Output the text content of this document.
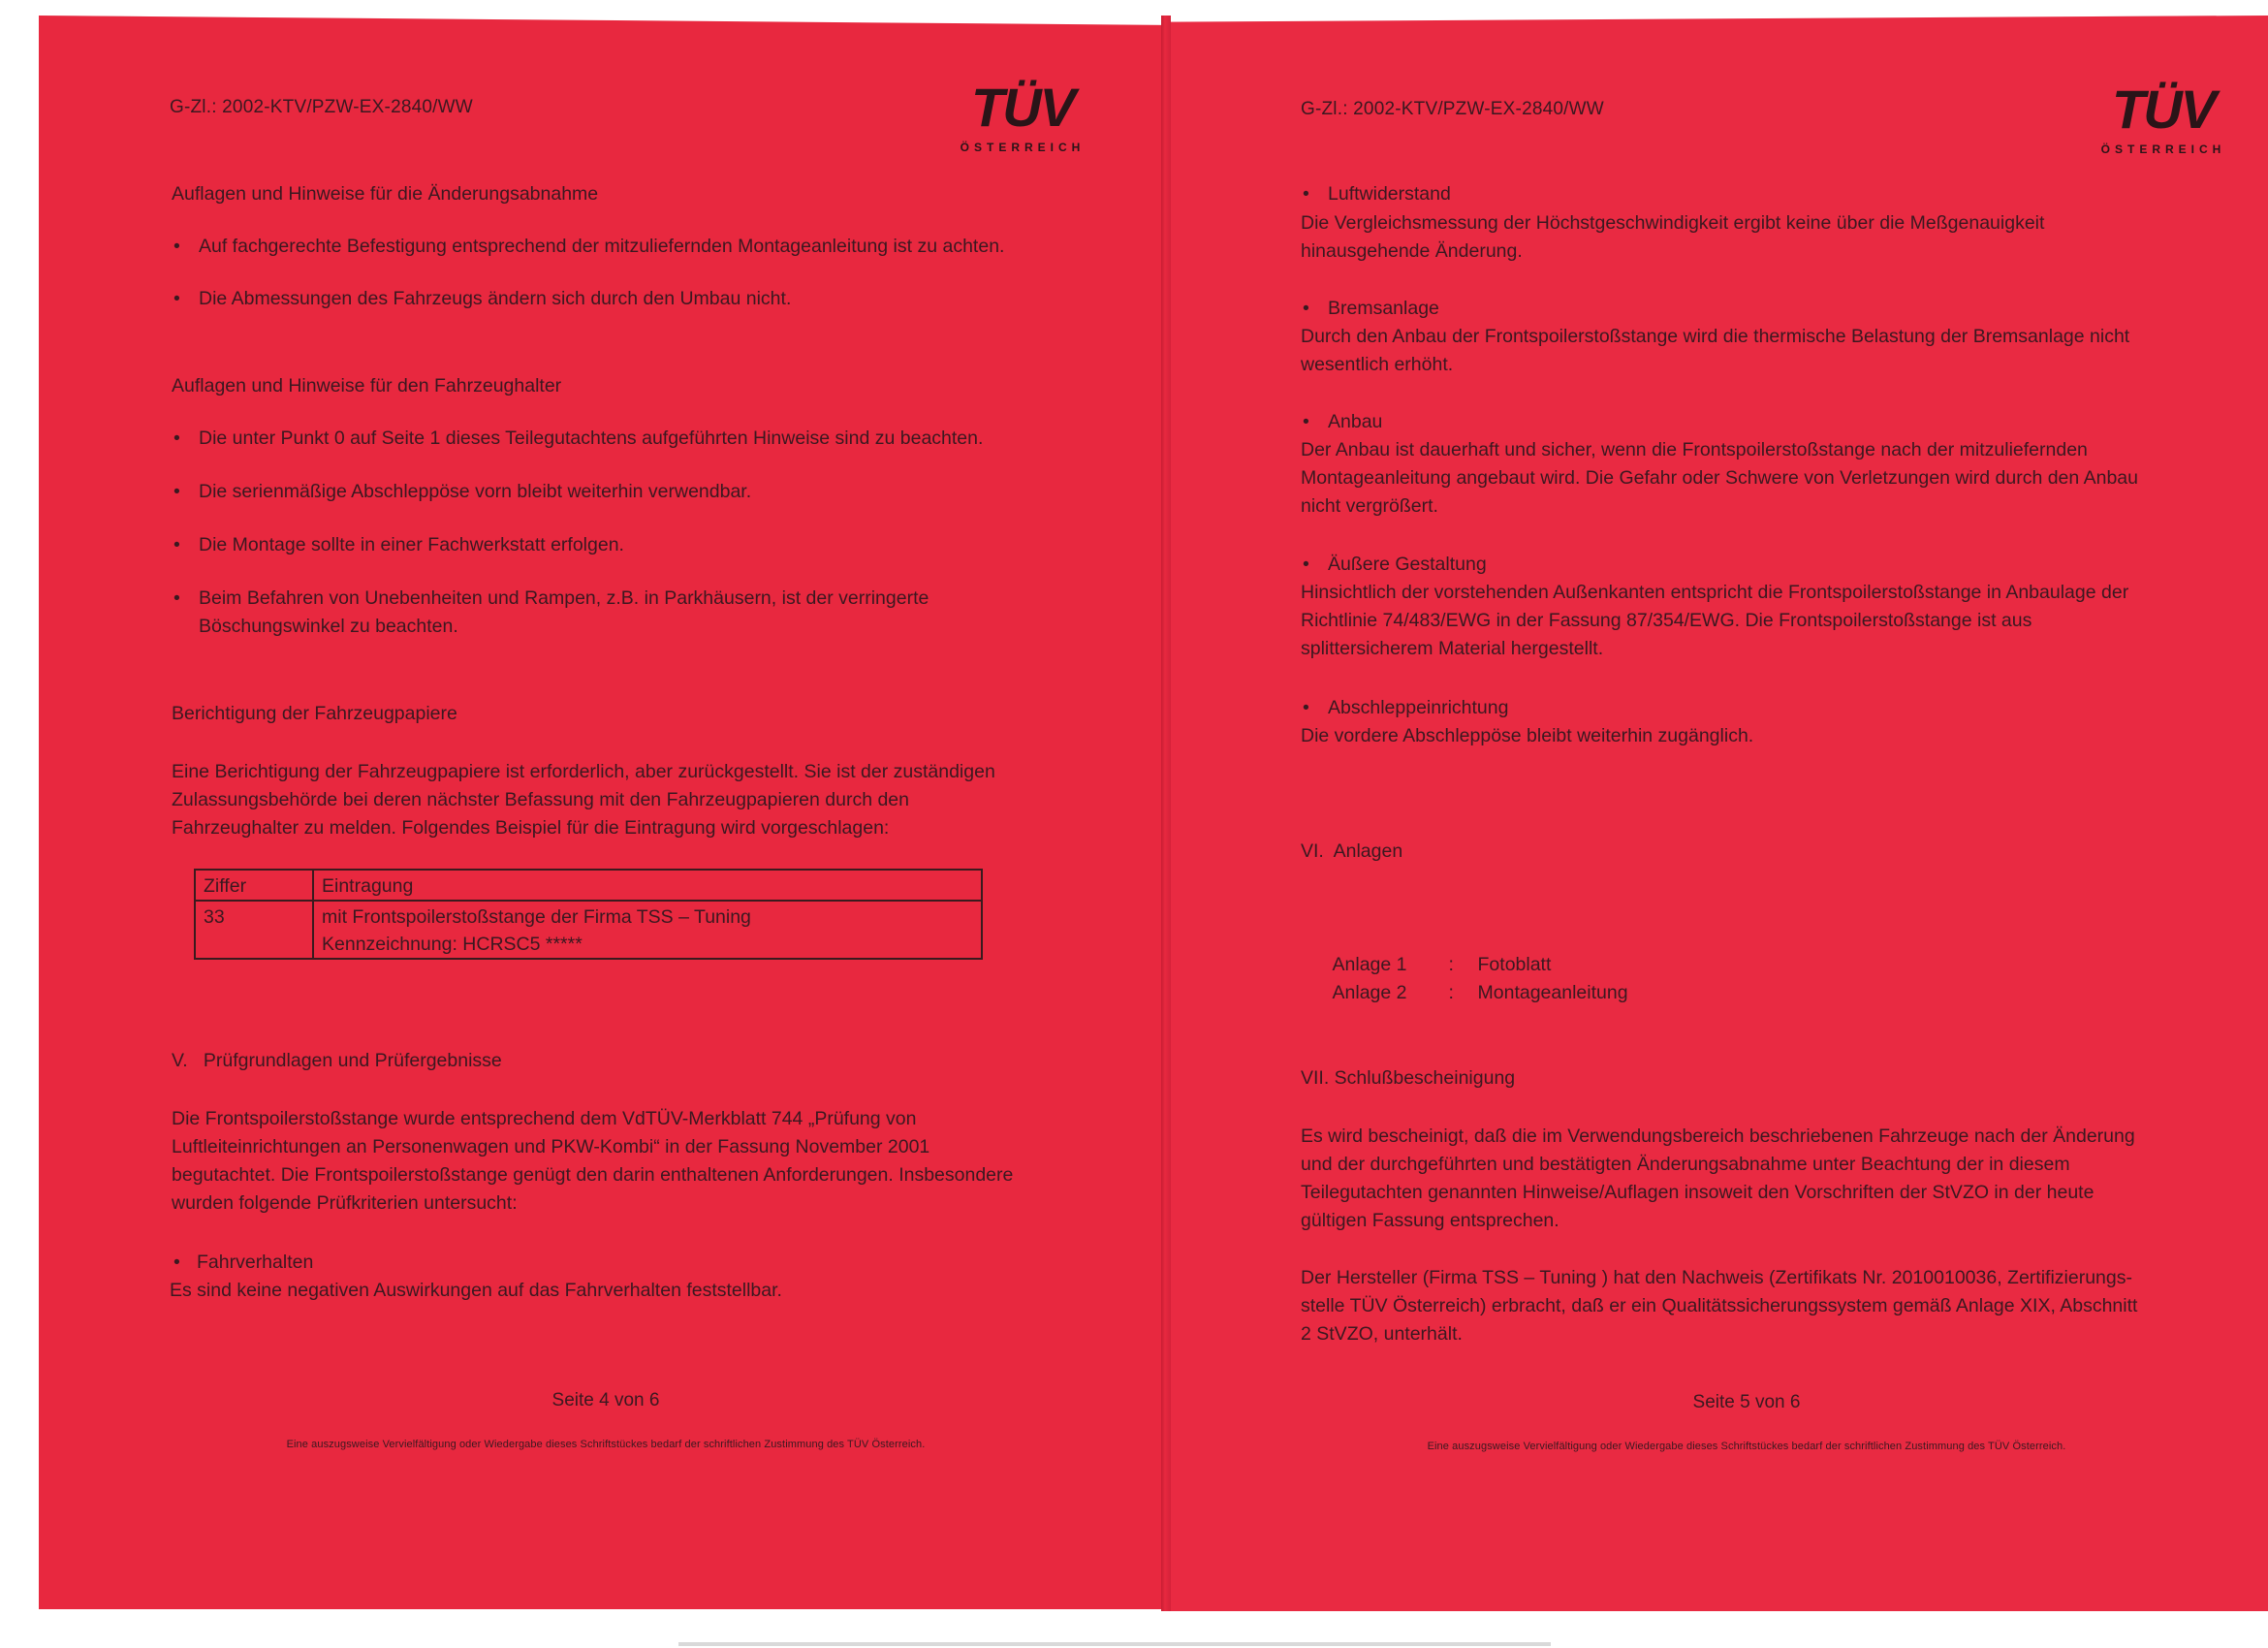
G-Zl.: 2002-KTV/PZW-EX-2840/WW	TÜV
ÖSTERREICH
Auflagen und Hinweise für die Änderungsabnahme
• Auf fachgerechte Befestigung entsprechend der mitzuliefernden Montageanleitung ist zu achten.
• Die Abmessungen des Fahrzeugs ändern sich durch den Umbau nicht.
Auflagen und Hinweise für den Fahrzeughalter
• Die unter Punkt 0 auf Seite 1 dieses Teilegutachtens aufgeführten Hinweise sind zu beachten.
• Die serienmäßige Abschleppöse vorn bleibt weiterhin verwendbar.
• Die Montage sollte in einer Fachwerkstatt erfolgen.
• Beim Befahren von Unebenheiten und Rampen, z.B. in Parkhäusern, ist der verringerte
Böschungswinkel zu beachten.
Berichtigung der Fahrzeugpapiere
Eine Berichtigung der Fahrzeugpapiere ist erforderlich, aber zurückgestellt. Sie ist der zuständigen
Zulassungsbehörde bei deren nächster Befassung mit den Fahrzeugpapieren durch den
Fahrzeughalter zu melden. Folgendes Beispiel für die Eintragung wird vorgeschlagen:
Ziffer	Eintragung
33	mit Frontspoilerstoßstange der Firma TSS – Tuning
Kennzeichnung: HCRSC5 *****
V.   Prüfgrundlagen und Prüfergebnisse
Die Frontspoilerstoßstange wurde entsprechend dem VdTÜV-Merkblatt 744 „Prüfung von
Luftleiteinrichtungen an Personenwagen und PKW-Kombi“ in der Fassung November 2001
begutachtet. Die Frontspoilerstoßstange genügt den darin enthaltenen Anforderungen. Insbesondere
wurden folgende Prüfkriterien untersucht:
• Fahrverhalten
Es sind keine negativen Auswirkungen auf das Fahrverhalten feststellbar.
Seite 4 von 6
Eine auszugsweise Vervielfältigung oder Wiedergabe dieses Schriftstückes bedarf der schriftlichen Zustimmung des TÜV Österreich.
G-Zl.: 2002-KTV/PZW-EX-2840/WW	TÜV
ÖSTERREICH
• Luftwiderstand
Die Vergleichsmessung der Höchstgeschwindigkeit ergibt keine über die Meßgenauigkeit
hinausgehende Änderung.
• Bremsanlage
Durch den Anbau der Frontspoilerstoßstange wird die thermische Belastung der Bremsanlage nicht
wesentlich erhöht.
• Anbau
Der Anbau ist dauerhaft und sicher, wenn die Frontspoilerstoßstange nach der mitzuliefernden
Montageanleitung angebaut wird. Die Gefahr oder Schwere von Verletzungen wird durch den Anbau
nicht vergrößert.
• Äußere Gestaltung
Hinsichtlich der vorstehenden Außenkanten entspricht die Frontspoilerstoßstange in Anbaulage der
Richtlinie 74/483/EWG in der Fassung 87/354/EWG. Die Frontspoilerstoßstange ist aus
splittersicherem Material hergestellt.
• Abschleppeinrichtung
Die vordere Abschleppöse bleibt weiterhin zugänglich.
VI.  Anlagen

Anlage 1 : Fotoblatt

Anlage 2 : Montageanleitung

VII. Schlußbescheinigung
Es wird bescheinigt, daß die im Verwendungsbereich beschriebenen Fahrzeuge nach der Änderung
und der durchgeführten und bestätigten Änderungsabnahme unter Beachtung der in diesem
Teilegutachten genannten Hinweise/Auflagen insoweit den Vorschriften der StVZO in der heute
gültigen Fassung entsprechen.
Der Hersteller (Firma TSS – Tuning ) hat den Nachweis (Zertifikats Nr. 2010010036, Zertifizierungs-
stelle TÜV Österreich) erbracht, daß er ein Qualitätssicherungssystem gemäß Anlage XIX, Abschnitt
2 StVZO, unterhält.
Seite 5 von 6
Eine auszugsweise Vervielfältigung oder Wiedergabe dieses Schriftstückes bedarf der schriftlichen Zustimmung des TÜV Österreich.
